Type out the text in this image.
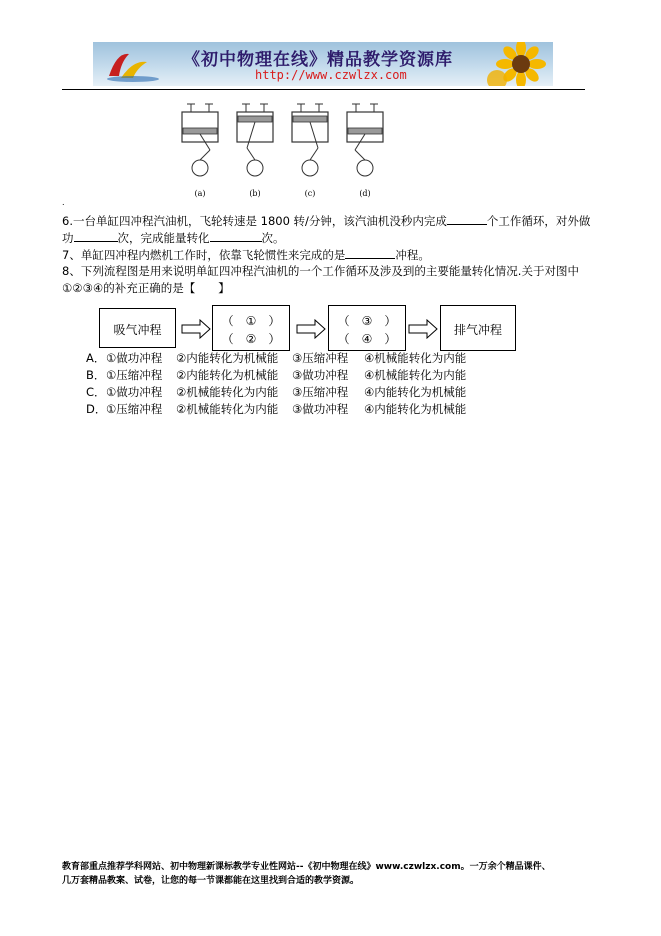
《初中物理在线》精品教学资源库
http://www.czwlzx.com
(a)	(b)	(c)	(d)
.
6.一台单缸四冲程汽油机，飞轮转速是 1800 转/分钟，该汽油机没秒内完成	个工作循环，对外做
功	次，完成能量转化	次。
7、单缸四冲程内燃机工作时，依靠飞轮惯性来完成的是	冲程。
8、下列流程图是用来说明单缸四冲程汽油机的一个工作循环及涉及到的主要能量转化情况.关于对图中
①②③④的补充正确的是【　　】
吸气冲程
（　①　）
（　②　）
（　③　）
（　④　）
排气冲程
A．①做功冲程 ②内能转化为机械能 ③压缩冲程 ④机械能转化为内能
B．①压缩冲程 ②内能转化为机械能 ③做功冲程 ④机械能转化为内能
C．①做功冲程 ②机械能转化为内能 ③压缩冲程 ④内能转化为机械能
D．①压缩冲程 ②机械能转化为内能 ③做功冲程 ④内能转化为机械能
教育部重点推荐学科网站、初中物理新课标教学专业性网站--《初中物理在线》www.czwlzx.com。一万余个精品课件、
几万套精品教案、试卷，让您的每一节课都能在这里找到合适的教学资源。
